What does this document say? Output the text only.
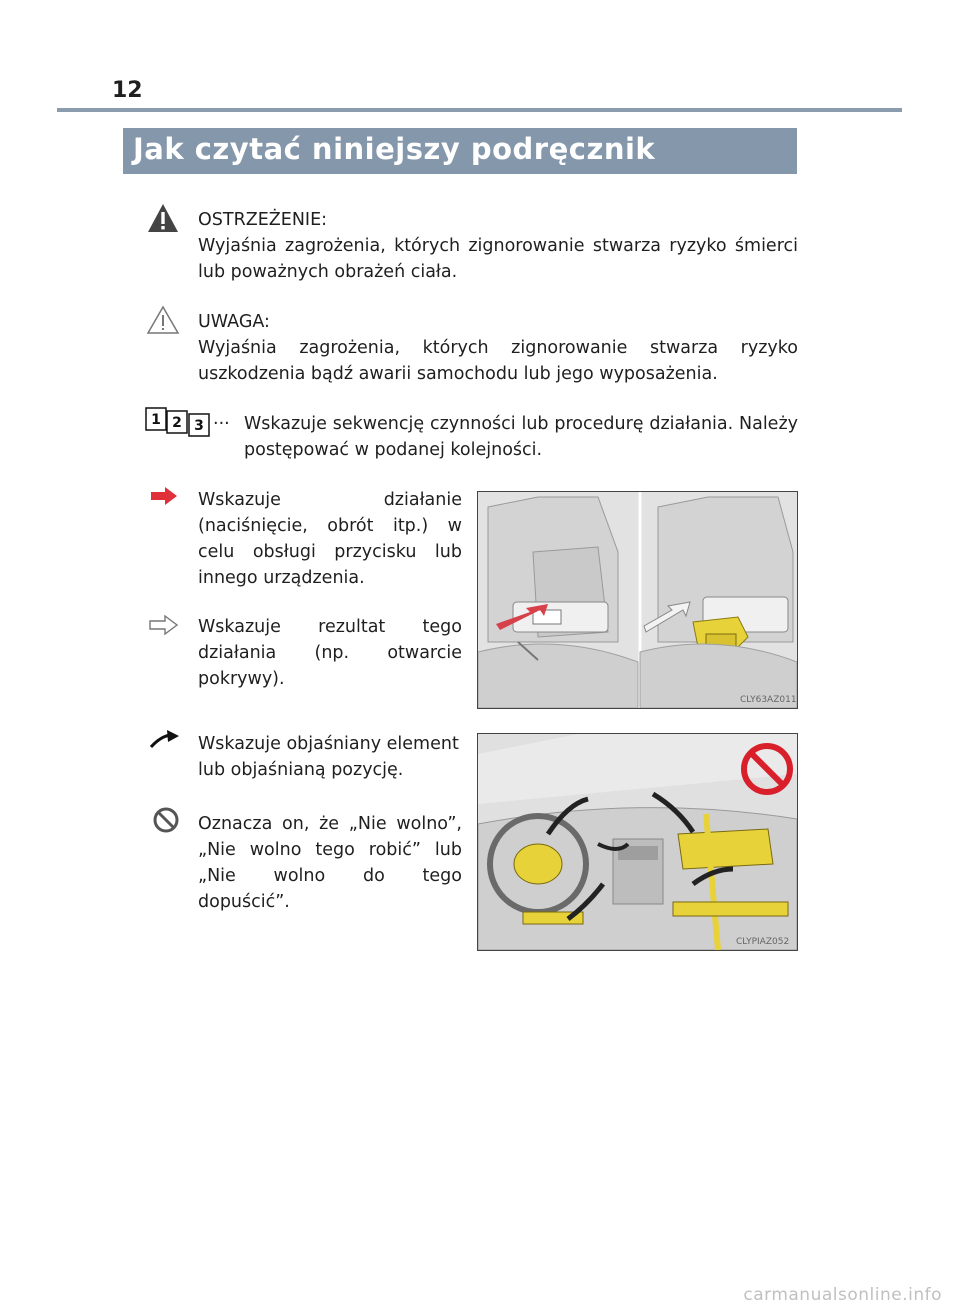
12
Jak czytać niniejszy podręcznik

OSTRZEŻENIE:

Wyjaśnia zagrożenia, których zignorowanie stwarza ryzyko śmierci lub poważnych obrażeń ciała.

UWAGA:

Wyjaśnia zagrożenia, których zignorowanie stwarza ryzyko uszkodzenia bądź awarii samochodu lub jego wyposażenia.

1 2 3 ··· Wskazuje sekwencję czynności lub procedurę działania. Należy postępować w podanej kolejności.
Wskazuje działanie (naciśnięcie, obrót itp.) w celu obsługi przycisku lub innego urządzenia.
Wskazuje rezultat tego działania (np. otwarcie pokrywy).
CLY63AZ011
Wskazuje objaśniany element lub objaśnianą pozycję.
Oznacza on, że „Nie wolno”, „Nie wolno tego robić” lub „Nie wolno do tego dopuścić”.
CLYPIAZ052
carmanualsonline.info
